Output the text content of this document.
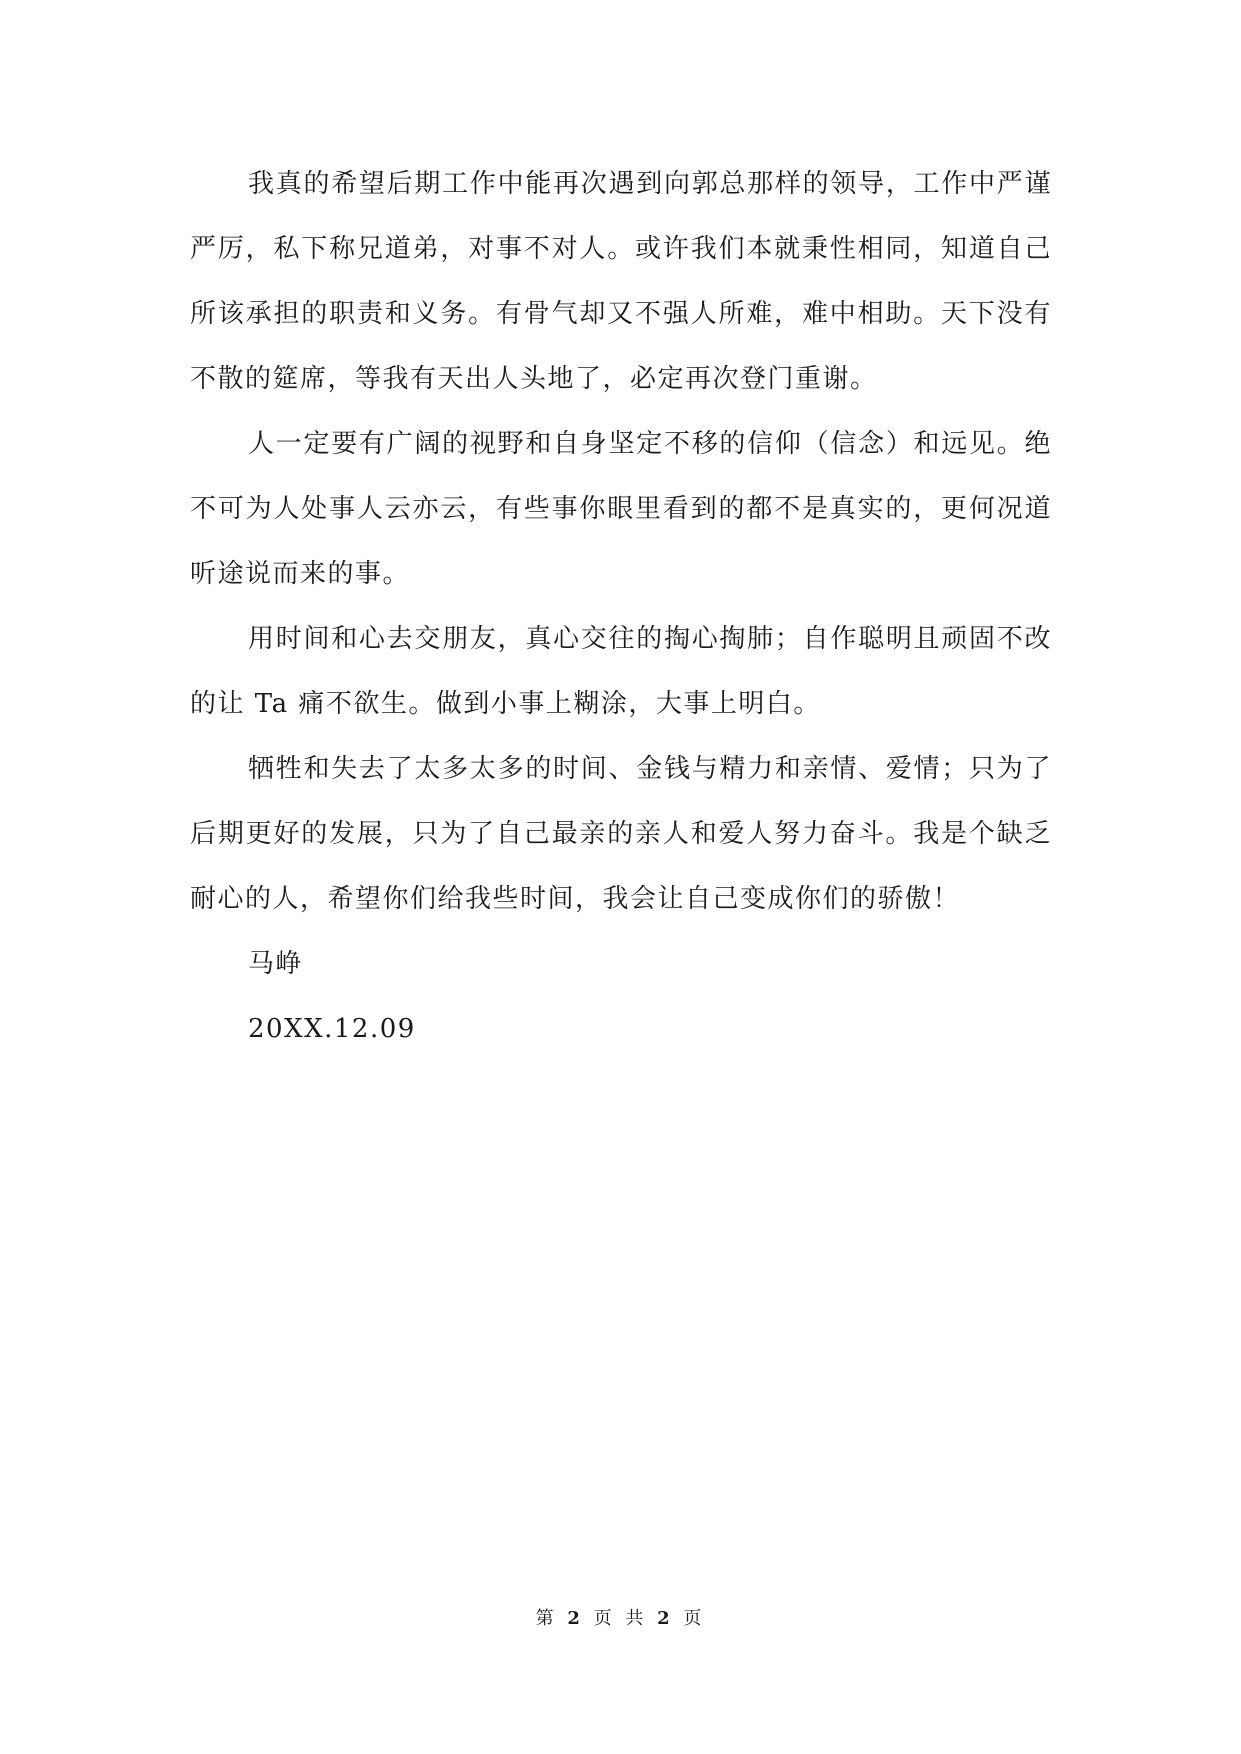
我真的希望后期工作中能再次遇到向郭总那样的领导，工作中严谨严厉，私下称兄道弟，对事不对人。或许我们本就秉性相同，知道自己所该承担的职责和义务。有骨气却又不强人所难，难中相助。天下没有不散的筵席，等我有天出人头地了，必定再次登门重谢。

人一定要有广阔的视野和自身坚定不移的信仰（信念）和远见。绝不可为人处事人云亦云，有些事你眼里看到的都不是真实的，更何况道听途说而来的事。

用时间和心去交朋友，真心交往的掏心掏肺；自作聪明且顽固不改的让 Ta 痛不欲生。做到小事上糊涂，大事上明白。

牺牲和失去了太多太多的时间、金钱与精力和亲情、爱情；只为了后期更好的发展，只为了自己最亲的亲人和爱人努力奋斗。我是个缺乏耐心的人，希望你们给我些时间，我会让自己变成你们的骄傲！

马峥

20XX.12.09

第 2 页 共 2 页
